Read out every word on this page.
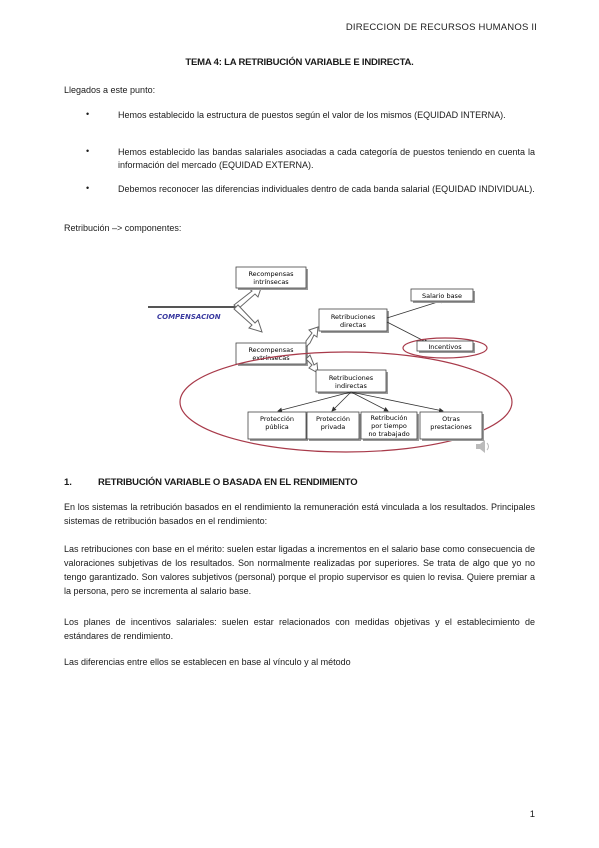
DIRECCION DE RECURSOS HUMANOS II
TEMA 4: LA RETRIBUCIÓN VARIABLE E INDIRECTA.
Llegados a este punto:
•	Hemos establecido la estructura de puestos según el valor de los mismos (EQUIDAD INTERNA).
•	Hemos establecido las bandas salariales asociadas a cada categoría de puestos teniendo en cuenta la información del mercado (EQUIDAD EXTERNA).
•	Debemos reconocer las diferencias individuales dentro de cada banda salarial (EQUIDAD INDIVIDUAL).
Retribución –> componentes:
COMPENSACION
Recompensas
intrínsecas
Recompensas
extrínsecas
Retribuciones
directas
Salario base
Incentivos
Retribuciones
indirectas
Protección
pública
Protección
privada
Retribución
por tiempo
no trabajado
Otras
prestaciones
1.	RETRIBUCIÓN VARIABLE O BASADA EN EL RENDIMIENTO
En los sistemas la retribución basados en el rendimiento la remuneración está vinculada a los resultados. Principales sistemas de retribución basados en el rendimiento:
Las retribuciones con base en el mérito: suelen estar ligadas a incrementos en el salario base como consecuencia de valoraciones subjetivas de los resultados. Son normalmente realizadas por superiores. Se trata de algo que yo no tengo garantizado. Son valores subjetivos (personal) porque el propio supervisor es quien lo revisa. Quiere premiar a la persona, pero se incrementa al salario base.
Los planes de incentivos salariales: suelen estar relacionados con medidas objetivas y el establecimiento de estándares de rendimiento.
Las diferencias entre ellos se establecen en base al vínculo y al método
1
